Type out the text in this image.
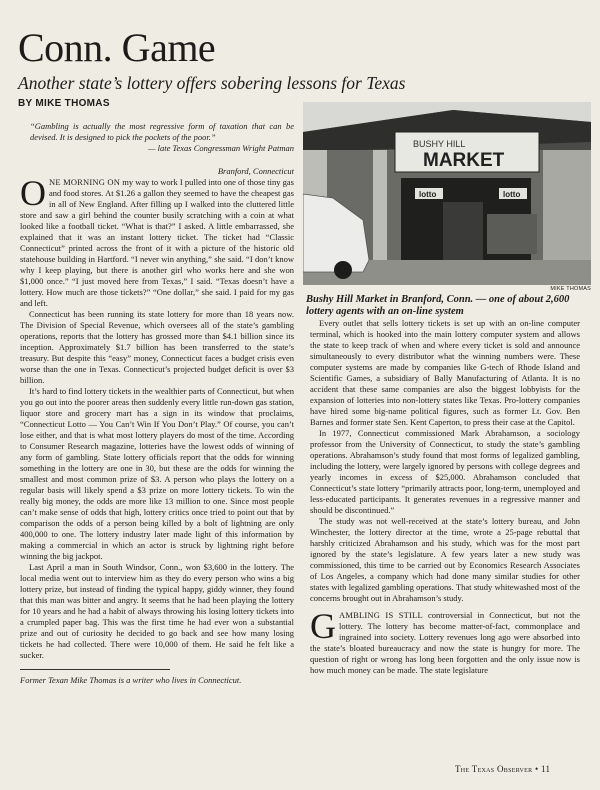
Conn. Game
Another state’s lottery offers sobering lessons for Texas
BY MIKE THOMAS

“Gambling is actually the most regressive form of taxation that can be devised. It is designed to pick the pockets of the poor.”

— late Texas Congressman Wright Patman

Branford, Connecticut

ONE MORNING ON my way to work I pulled into one of those tiny gas and food stores. At $1.26 a gallon they seemed to have the cheapest gas in all of New England. After filling up I walked into the cluttered little store and saw a girl behind the counter busily scratching with a coin at what looked like a football ticket. “What is that?” I asked. A little embarrassed, she explained that it was an instant lottery ticket. The ticket had “Classic Connecticut” printed across the front of it with a picture of the historic old statehouse building in Hartford. “I never win anything,” she said. “I don’t know why I keep playing, but there is another girl who works here and she won $1,000 once.” “I just moved here from Texas,” I said. “Texas doesn’t have a lottery. How much are those tickets?” “One dollar,” she said. I paid for my gas and left.

Connecticut has been running its state lottery for more than 18 years now. The Division of Special Revenue, which oversees all of the state’s gambling operations, reports that the lottery has grossed more than $4.1 billion since its inception. Approximately $1.7 billion has been transferred to the state’s treasury. But despite this “easy” money, Connecticut faces a budget crisis even worse than the one in Texas. Connecticut’s projected budget deficit is over $3 billion.

It’s hard to find lottery tickets in the wealthier parts of Connecticut, but when you go out into the poorer areas then suddenly every little run-down gas station, liquor store and grocery mart has a sign in its window that proclaims, “Connecticut Lotto — You Can’t Win If You Don’t Play.” Of course, you can’t lose either, and that is what most lottery players do most of the time. According to Consumer Research magazine, lotteries have the lowest odds of winning of any form of gambling. State lottery officials report that the odds for winning something in the lottery are one in 30, but these are the odds for winning the smallest and most common prize of $3. A person who plays the lottery on a regular basis will likely spend a $3 prize on more lottery tickets. To win the really big money, the odds are more like 13 million to one. Since most people can’t make sense of odds that high, lottery critics once tried to point out that by comparison the odds of a person being killed by a bolt of lightning are only 400,000 to one. The lottery industry later made light of this information by making a commercial in which an actor is struck by lightning right before winning the big jackpot.

Last April a man in South Windsor, Conn., won $3,600 in the lottery. The local media went out to interview him as they do every person who wins a big lottery prize, but instead of finding the typical happy, giddy winner, they found that this man was bitter and angry. It seems that he had been playing the lottery for 10 years and he had a habit of always throwing his losing lottery tickets into a crumpled paper bag. This was the first time he had ever won a substantial prize and out of curiosity he decided to go back and see how many losing tickets he had collected. There were 10,000 of them. He said he felt like a sucker.

Former Texan Mike Thomas is a writer who lives in Connecticut.

BUSHY HILL
MARKET
lotto	lotto
MIKE THOMAS
Bushy Hill Market in Branford, Conn. — one of about 2,600 lottery agents with an on-line system

Every outlet that sells lottery tickets is set up with an on-line computer terminal, which is hooked into the main lottery computer system and allows the state to keep track of when and where every ticket is sold and announce simultaneously to every distributor what the winning numbers were. These computer systems are made by companies like G-tech of Rhode Island and Scientific Games, a subsidiary of Bally Manufacturing of Atlanta. It is no accident that these same companies are also the biggest lobbyists for the expansion of lotteries into non-lottery states like Texas. Pro-lottery companies have hired some big-name political figures, such as former Lt. Gov. Ben Barnes and former state Sen. Kent Caperton, to press their case at the Capitol.

In 1977, Connecticut commissioned Mark Abrahamson, a sociology professor from the University of Connecticut, to study the state’s gambling operations. Abrahamson’s study found that most forms of legalized gambling, including the lottery, were largely ignored by persons with college degrees and yearly incomes in excess of $25,000. Abrahamson concluded that Connecticut’s state lottery “primarily attracts poor, long-term, unemployed and less-educated participants. It generates revenues in a regressive manner and should be discontinued.”

The study was not well-received at the state’s lottery bureau, and John Winchester, the lottery director at the time, wrote a 25-page rebuttal that harshly criticized Abrahamson and his study, which was for the most part ignored by the state’s legislature. A few years later a new study was commissioned, this time to be carried out by Economics Research Associates of Los Angeles, a company which had done many similar studies for other states with legalized gambling operations. That study whitewashed most of the concerns brought out in Abrahamson’s study.

GAMBLING IS STILL controversial in Connecticut, but not the lottery. The lottery has become matter-of-fact, commonplace and ingrained into society. Lottery revenues long ago were absorbed into the state’s bloated bureaucracy and now the state is hungry for more. The question of right or wrong has long been forgotten and the only issue now is how much money can be made. The state legislature

The Texas Observer • 11
